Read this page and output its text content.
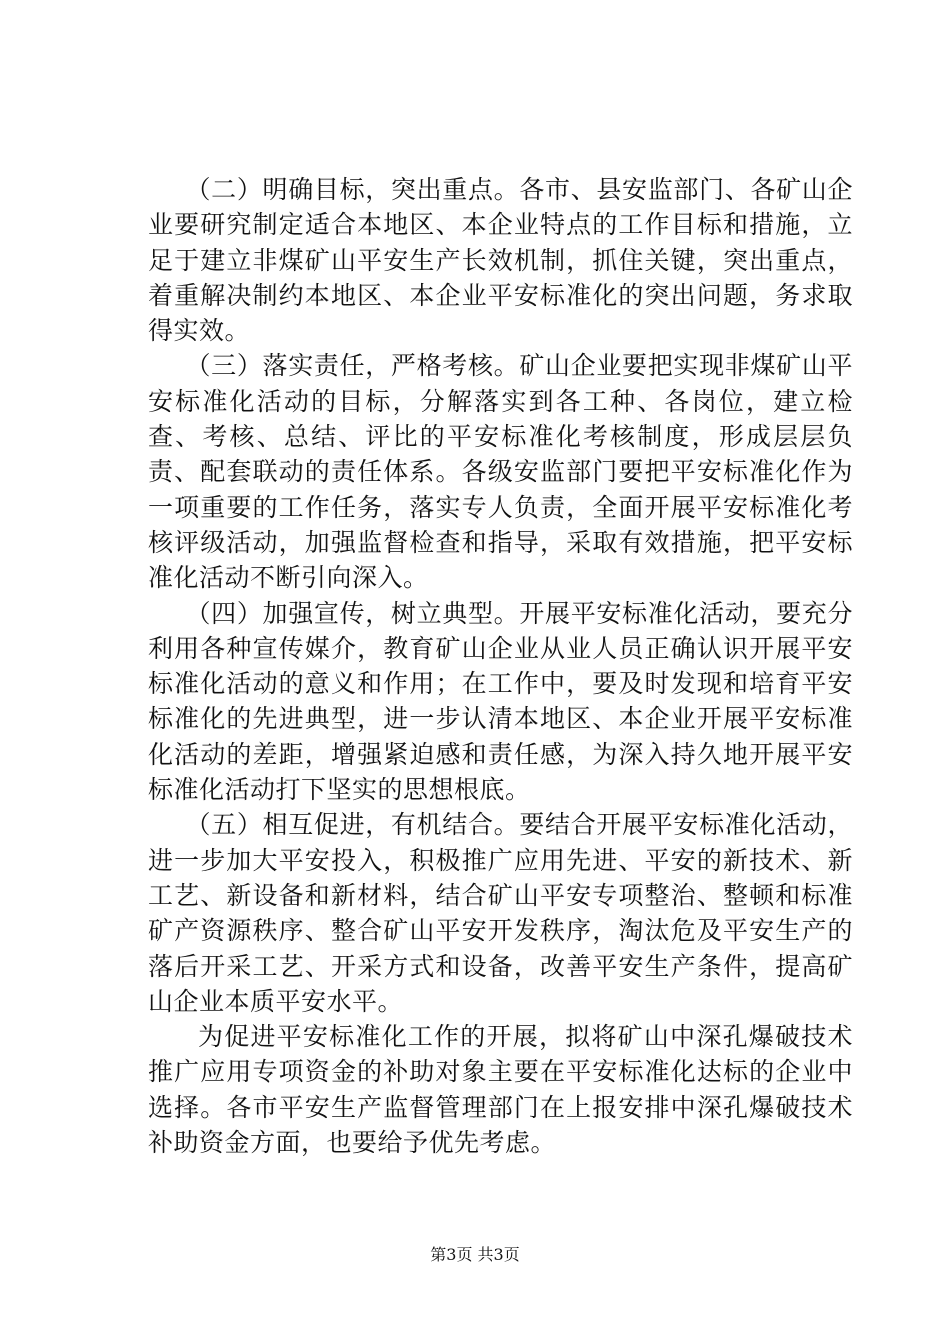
（二）明确目标，突出重点。各市、县安监部门、各矿山企业要研究制定适合本地区、本企业特点的工作目标和措施，立足于建立非煤矿山平安生产长效机制，抓住关键，突出重点，着重解决制约本地区、本企业平安标准化的突出问题，务求取得实效。

（三）落实责任，严格考核。矿山企业要把实现非煤矿山平安标准化活动的目标，分解落实到各工种、各岗位，建立检查、考核、总结、评比的平安标准化考核制度，形成层层负责、配套联动的责任体系。各级安监部门要把平安标准化作为一项重要的工作任务，落实专人负责，全面开展平安标准化考核评级活动，加强监督检查和指导，采取有效措施，把平安标准化活动不断引向深入。

（四）加强宣传，树立典型。开展平安标准化活动，要充分利用各种宣传媒介，教育矿山企业从业人员正确认识开展平安标准化活动的意义和作用；在工作中，要及时发现和培育平安标准化的先进典型，进一步认清本地区、本企业开展平安标准化活动的差距，增强紧迫感和责任感，为深入持久地开展平安标准化活动打下坚实的思想根底。

（五）相互促进，有机结合。要结合开展平安标准化活动，进一步加大平安投入，积极推广应用先进、平安的新技术、新工艺、新设备和新材料，结合矿山平安专项整治、整顿和标准矿产资源秩序、整合矿山平安开发秩序，淘汰危及平安生产的落后开采工艺、开采方式和设备，改善平安生产条件，提高矿山企业本质平安水平。

为促进平安标准化工作的开展，拟将矿山中深孔爆破技术推广应用专项资金的补助对象主要在平安标准化达标的企业中选择。各市平安生产监督管理部门在上报安排中深孔爆破技术补助资金方面，也要给予优先考虑。

第3页 共3页
